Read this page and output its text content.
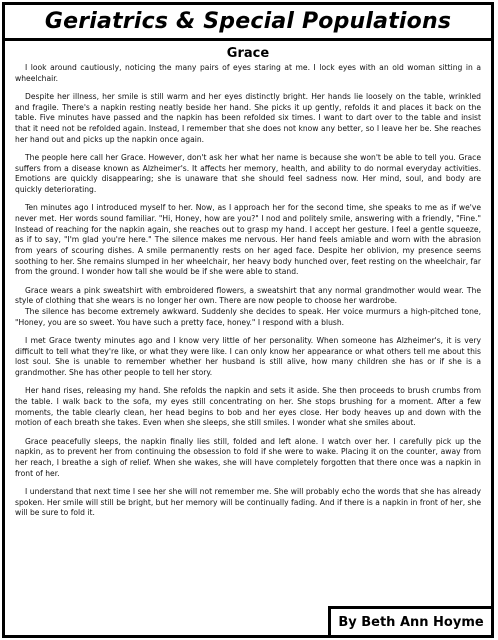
Geriatrics & Special Populations
Grace

I look around cautiously, noticing the many pairs of eyes staring at me. I lock eyes with an old woman sitting in a wheelchair.

Despite her illness, her smile is still warm and her eyes distinctly bright. Her hands lie loosely on the table, wrinkled and fragile. There's a napkin resting neatly beside her hand. She picks it up gently, refolds it and places it back on the table. Five minutes have passed and the napkin has been refolded six times. I want to dart over to the table and insist that it need not be refolded again. Instead, I remember that she does not know any better, so I leave her be. She reaches her hand out and picks up the napkin once again.

The people here call her Grace. However, don't ask her what her name is because she won't be able to tell you. Grace suffers from a disease known as Alzheimer's. It affects her memory, health, and ability to do normal everyday activities. Emotions are quickly disappearing; she is unaware that she should feel sadness now. Her mind, soul, and body are quickly deteriorating.

Ten minutes ago I introduced myself to her. Now, as I approach her for the second time, she speaks to me as if we've never met. Her words sound familiar. "Hi, Honey, how are you?" I nod and politely smile, answering with a friendly, "Fine." Instead of reaching for the napkin again, she reaches out to grasp my hand. I accept her gesture. I feel a gentle squeeze, as if to say, "I'm glad you're here." The silence makes me nervous. Her hand feels amiable and worn with the abrasion from years of scouring dishes. A smile permanently rests on her aged face. Despite her oblivion, my presence seems soothing to her. She remains slumped in her wheelchair, her heavy body hunched over, feet resting on the wheelchair, far from the ground. I wonder how tall she would be if she were able to stand.

Grace wears a pink sweatshirt with embroidered flowers, a sweatshirt that any normal grandmother would wear. The style of clothing that she wears is no longer her own. There are now people to choose her wardrobe.

The silence has become extremely awkward. Suddenly she decides to speak. Her voice murmurs a high-pitched tone, "Honey, you are so sweet. You have such a pretty face, honey." I respond with a blush.

I met Grace twenty minutes ago and I know very little of her personality. When someone has Alzheimer's, it is very difficult to tell what they're like, or what they were like. I can only know her appearance or what others tell me about this lost soul. She is unable to remember whether her husband is still alive, how many children she has or if she is a grandmother. She has other people to tell her story.

Her hand rises, releasing my hand. She refolds the napkin and sets it aside. She then proceeds to brush crumbs from the table. I walk back to the sofa, my eyes still concentrating on her. She stops brushing for a moment. After a few moments, the table clearly clean, her head begins to bob and her eyes close. Her body heaves up and down with the motion of each breath she takes. Even when she sleeps, she still smiles. I wonder what she smiles about.

Grace peacefully sleeps, the napkin finally lies still, folded and left alone. I watch over her. I carefully pick up the napkin, as to prevent her from continuing the obsession to fold if she were to wake. Placing it on the counter, away from her reach, I breathe a sigh of relief. When she wakes, she will have completely forgotten that there once was a napkin in front of her.

I understand that next time I see her she will not remember me. She will probably echo the words that she has already spoken. Her smile will still be bright, but her memory will be continually fading. And if there is a napkin in front of her, she will be sure to fold it.

By Beth Ann Hoyme
